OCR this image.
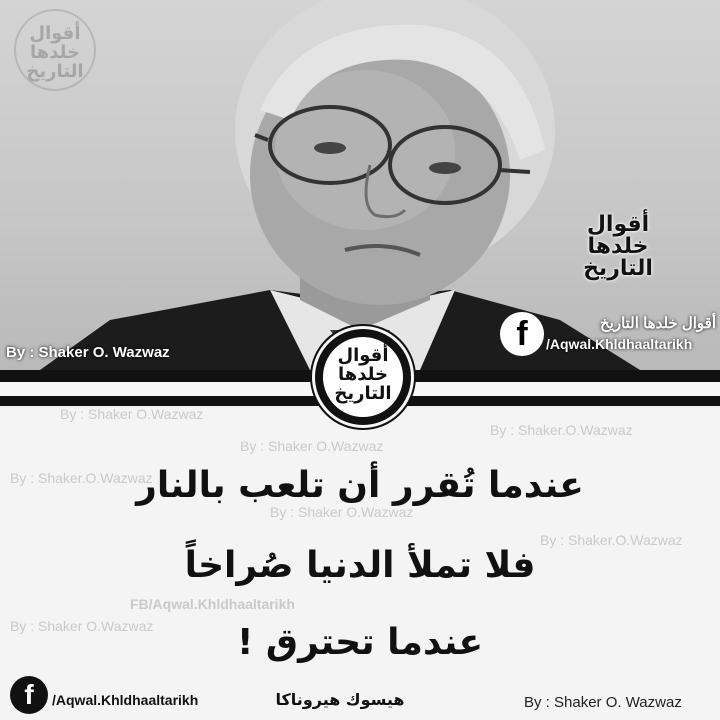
أقوال
خلدها
التاريخ
أقوال
خلدها
التاريخ
f	أقوال خلدها التاريخ
/Aqwal.Khldhaaltarikh
By : Shaker O. Wazwaz
By : Shaker O.Wazwaz
By : Shaker.O.Wazwaz
By : Shaker O.Wazwaz
By : Shaker.O.Wazwaz
By : Shaker O.Wazwaz
By : Shaker.O.Wazwaz
By : Shaker O.Wazwaz
FB/Aqwal.Khldhaaltarikh
أقوال
خلدها
التاريخ
عندما تُقرر أن تلعب بالنار
فلا تملأ الدنيا صُراخاً
عندما تحترق !
هيسوك هيروناكا
f /Aqwal.Khldhaaltarikh	By : Shaker O. Wazwaz
